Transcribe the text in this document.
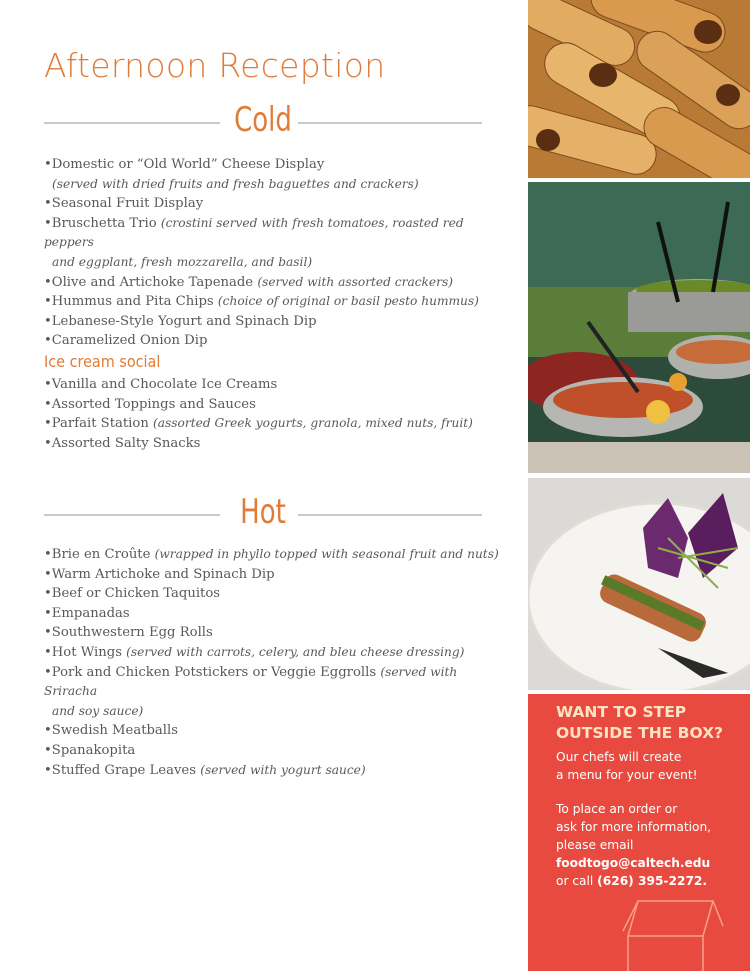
Afternoon Reception
Cold
• Domestic or “Old World” Cheese Display
(served with dried fruits and fresh baguettes and crackers)
• Seasonal Fruit Display
• Bruschetta Trio (crostini served with fresh tomatoes, roasted red peppers
and eggplant, fresh mozzarella, and basil)
• Olive and Artichoke Tapenade (served with assorted crackers)
• Hummus and Pita Chips (choice of original or basil pesto hummus)
• Lebanese-Style Yogurt and Spinach Dip
• Caramelized Onion Dip
Ice cream social
• Vanilla and Chocolate Ice Creams
• Assorted Toppings and Sauces
• Parfait Station (assorted Greek yogurts, granola, mixed nuts, fruit)
• Assorted Salty Snacks
Hot
• Brie en Croûte (wrapped in phyllo topped with seasonal fruit and nuts)
• Warm Artichoke and Spinach Dip
• Beef or Chicken Taquitos
• Empanadas
• Southwestern Egg Rolls
• Hot Wings (served with carrots, celery, and bleu cheese dressing)
• Pork and Chicken Potstickers or Veggie Eggrolls (served with Sriracha
and soy sauce)
• Swedish Meatballs
• Spanakopita
• Stuffed Grape Leaves (served with yogurt sauce)
WANT TO STEP
OUTSIDE THE BOX?
Our chefs will create
a menu for your event!
To place an order or
ask for more information,
please email
foodtogo@caltech.edu
or call (626) 395-2272.
